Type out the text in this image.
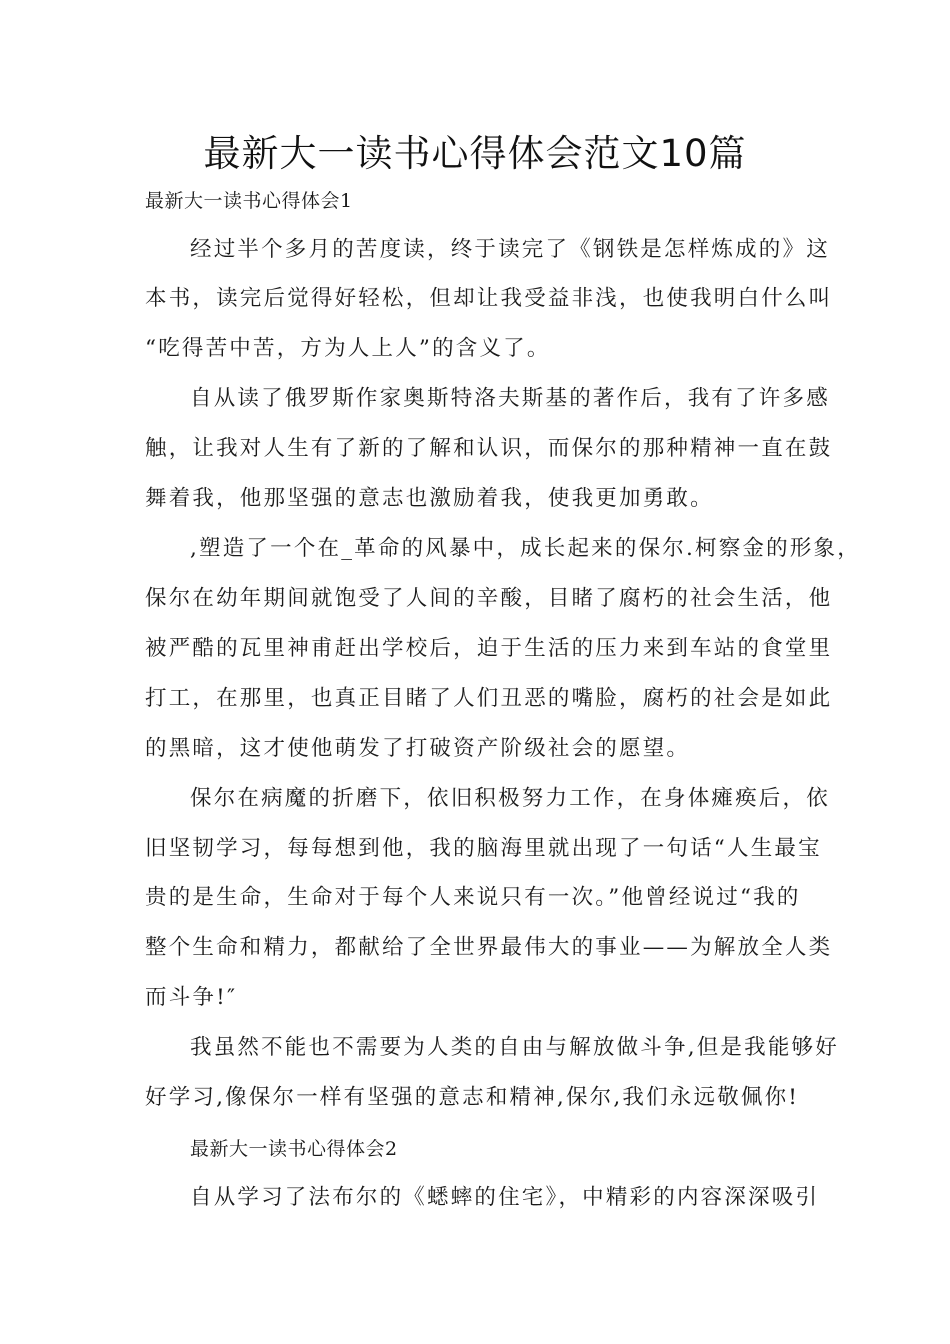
最新大一读书心得体会范文10篇
最新大一读书心得体会1
经过半个多月的苦度读，终于读完了《钢铁是怎样炼成的》这
本书，读完后觉得好轻松，但却让我受益非浅，也使我明白什么叫
“吃得苦中苦，方为人上人”的含义了。
自从读了俄罗斯作家奥斯特洛夫斯基的著作后，我有了许多感
触，让我对人生有了新的了解和认识，而保尔的那种精神一直在鼓
舞着我，他那坚强的意志也激励着我，使我更加勇敢。
,塑造了一个在_革命的风暴中，成长起来的保尔.柯察金的形象，
保尔在幼年期间就饱受了人间的辛酸，目睹了腐朽的社会生活，他
被严酷的瓦里神甫赶出学校后，迫于生活的压力来到车站的食堂里
打工，在那里，也真正目睹了人们丑恶的嘴脸，腐朽的社会是如此
的黑暗，这才使他萌发了打破资产阶级社会的愿望。
保尔在病魔的折磨下，依旧积极努力工作，在身体瘫痪后，依
旧坚韧学习，每每想到他，我的脑海里就出现了一句话“人生最宝
贵的是生命，生命对于每个人来说只有一次。”他曾经说过“我的
整个生命和精力，都献给了全世界最伟大的事业——为解放全人类
而斗争!″
我虽然不能也不需要为人类的自由与解放做斗争,但是我能够好
好学习,像保尔一样有坚强的意志和精神,保尔,我们永远敬佩你!
最新大一读书心得体会2
自从学习了法布尔的《蟋蟀的住宅》，中精彩的内容深深吸引
